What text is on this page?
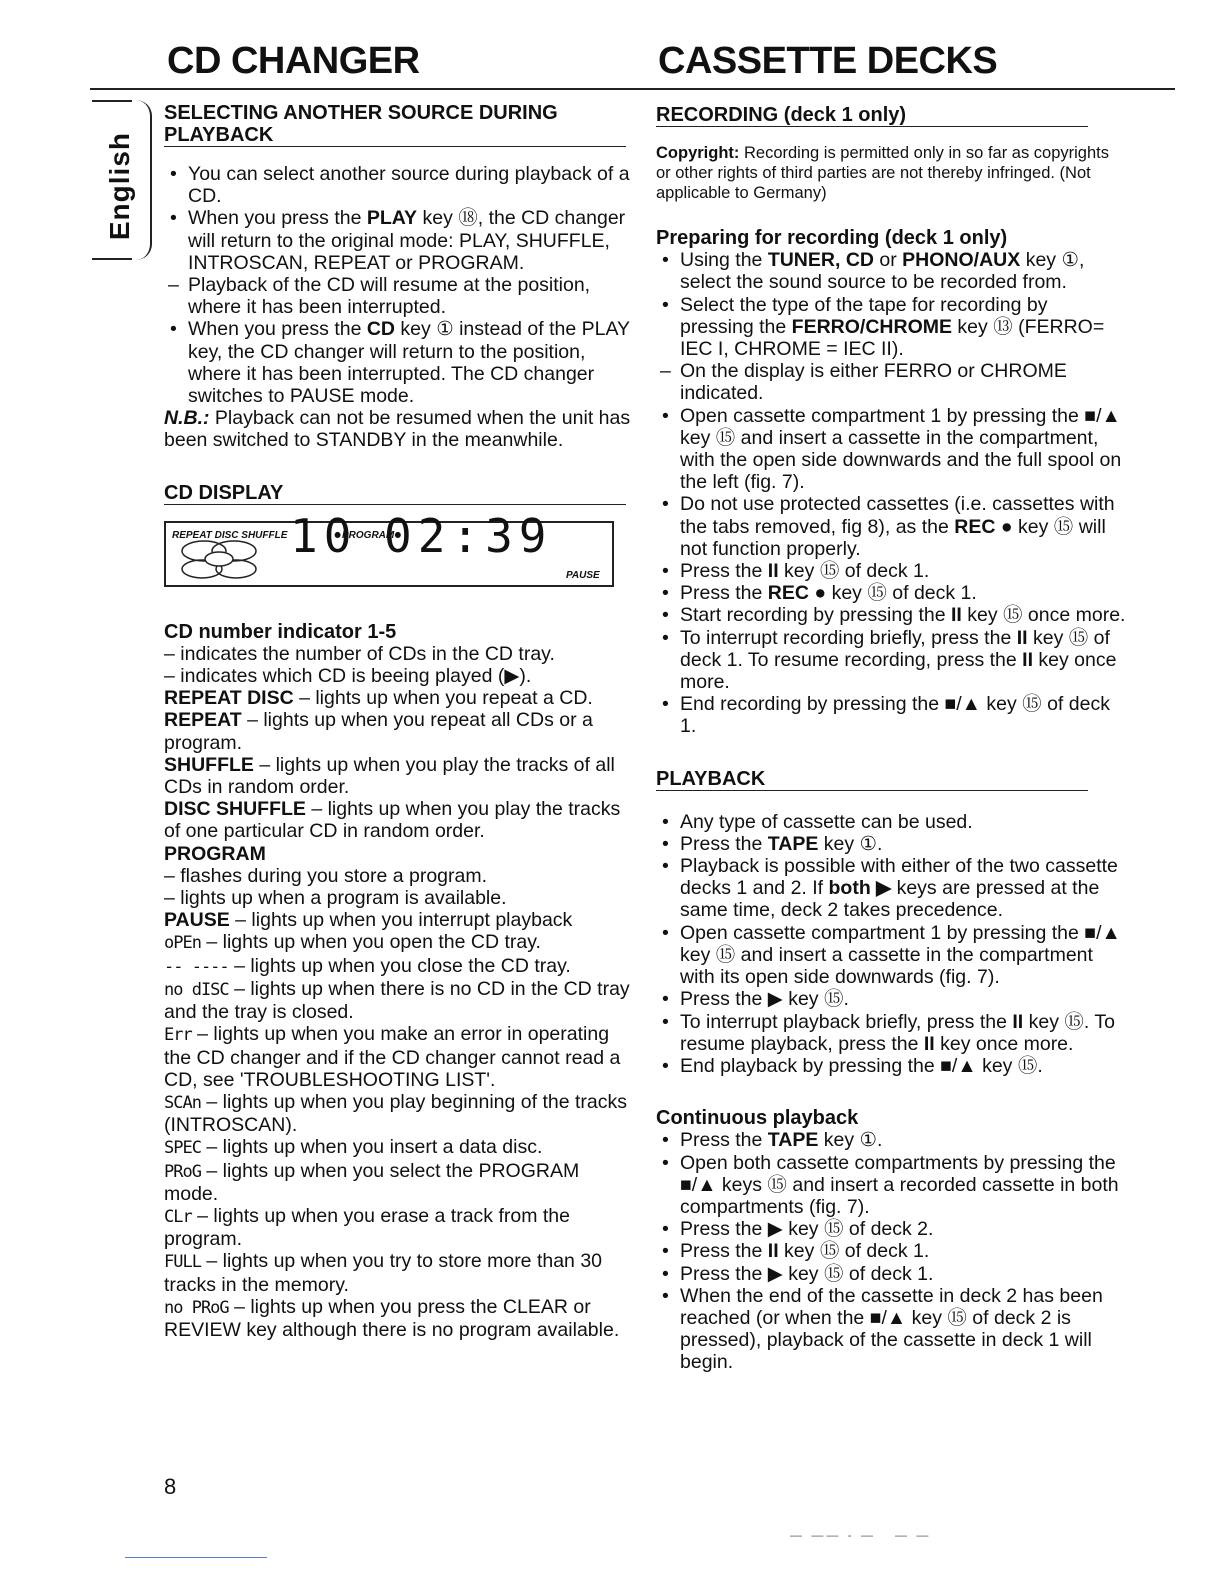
CD CHANGER	CASSETTE DECKS
English
SELECTING ANOTHER SOURCE DURING
PLAYBACK
• You can select another source during playback of a CD.
• When you press the PLAY key ⑱, the CD changer will return to the original mode: PLAY, SHUFFLE, INTROSCAN, REPEAT or PROGRAM.
– Playback of the CD will resume at the position, where it has been interrupted.
• When you press the CD key ① instead of the PLAY key, the CD changer will return to the position, where it has been interrupted. The CD changer switches to PAUSE mode.

N.B.: Playback can not be resumed when the unit has been switched to STANDBY in the meanwhile.

CD DISPLAY
REPEAT DISC SHUFFLE	PROGRAM
10 02:39
PAUSE
CD number indicator 1-5

– indicates the number of CDs in the CD tray.

– indicates which CD is beeing played (▶).

REPEAT DISC – lights up when you repeat a CD.

REPEAT – lights up when you repeat all CDs or a program.

SHUFFLE – lights up when you play the tracks of all CDs in random order.

DISC SHUFFLE – lights up when you play the tracks of one particular CD in random order.

PROGRAM

– flashes during you store a program.

– lights up when a program is available.

PAUSE – lights up when you interrupt playback

oPEn – lights up when you open the CD tray.

-- ---- – lights up when you close the CD tray.

no dISC – lights up when there is no CD in the CD tray and the tray is closed.

Err – lights up when you make an error in operating the CD changer and if the CD changer cannot read a CD, see 'TROUBLESHOOTING LIST'.

SCAn – lights up when you play beginning of the tracks (INTROSCAN).

SPEC – lights up when you insert a data disc.

PRoG – lights up when you select the PROGRAM mode.

CLr – lights up when you erase a track from the program.

FULL – lights up when you try to store more than 30 tracks in the memory.

no PRoG – lights up when you press the CLEAR or REVIEW key although there is no program available.

RECORDING (deck 1 only)

Copyright: Recording is permitted only in so far as copyrights or other rights of third parties are not thereby infringed. (Not applicable to Germany)

Preparing for recording (deck 1 only)
• Using the TUNER, CD or PHONO/AUX key ①, select the sound source to be recorded from.
• Select the type of the tape for recording by pressing the FERRO/CHROME key ⑬ (FERRO= IEC I, CHROME = IEC II).
– On the display is either FERRO or CHROME indicated.
• Open cassette compartment 1 by pressing the ■/▲ key ⑮ and insert a cassette in the compartment, with the open side downwards and the full spool on the left (fig. 7).
• Do not use protected cassettes (i.e. cassettes with the tabs removed, fig 8), as the REC ● key ⑮ will not function properly.
• Press the II key ⑮ of deck 1.
• Press the REC ● key ⑮ of deck 1.
• Start recording by pressing the II key ⑮ once more.
• To interrupt recording briefly, press the II key ⑮ of deck 1. To resume recording, press the II key once more.
• End recording by pressing the ■/▲ key ⑮ of deck 1.
PLAYBACK
• Any type of cassette can be used.
• Press the TAPE key ①.
• Playback is possible with either of the two cassette decks 1 and 2. If both ▶ keys are pressed at the same time, deck 2 takes precedence.
• Open cassette compartment 1 by pressing the ■/▲ key ⑮ and insert a cassette in the compartment with its open side downwards (fig. 7).
• Press the ▶ key ⑮.
• To interrupt playback briefly, press the II key ⑮. To resume playback, press the II key once more.
• End playback by pressing the ■/▲ key ⑮.
Continuous playback
• Press the TAPE key ①.
• Open both cassette compartments by pressing the ■/▲ keys ⑮ and insert a recorded cassette in both compartments (fig. 7).
• Press the ▶ key ⑮ of deck 2.
• Press the II key ⑮ of deck 1.
• Press the ▶ key ⑮ of deck 1.
• When the end of the cassette in deck 2 has been reached (or when the ■/▲ key ⑮ of deck 2 is pressed), playback of the cassette in deck 1 will begin.
8
— —— - —   — —
